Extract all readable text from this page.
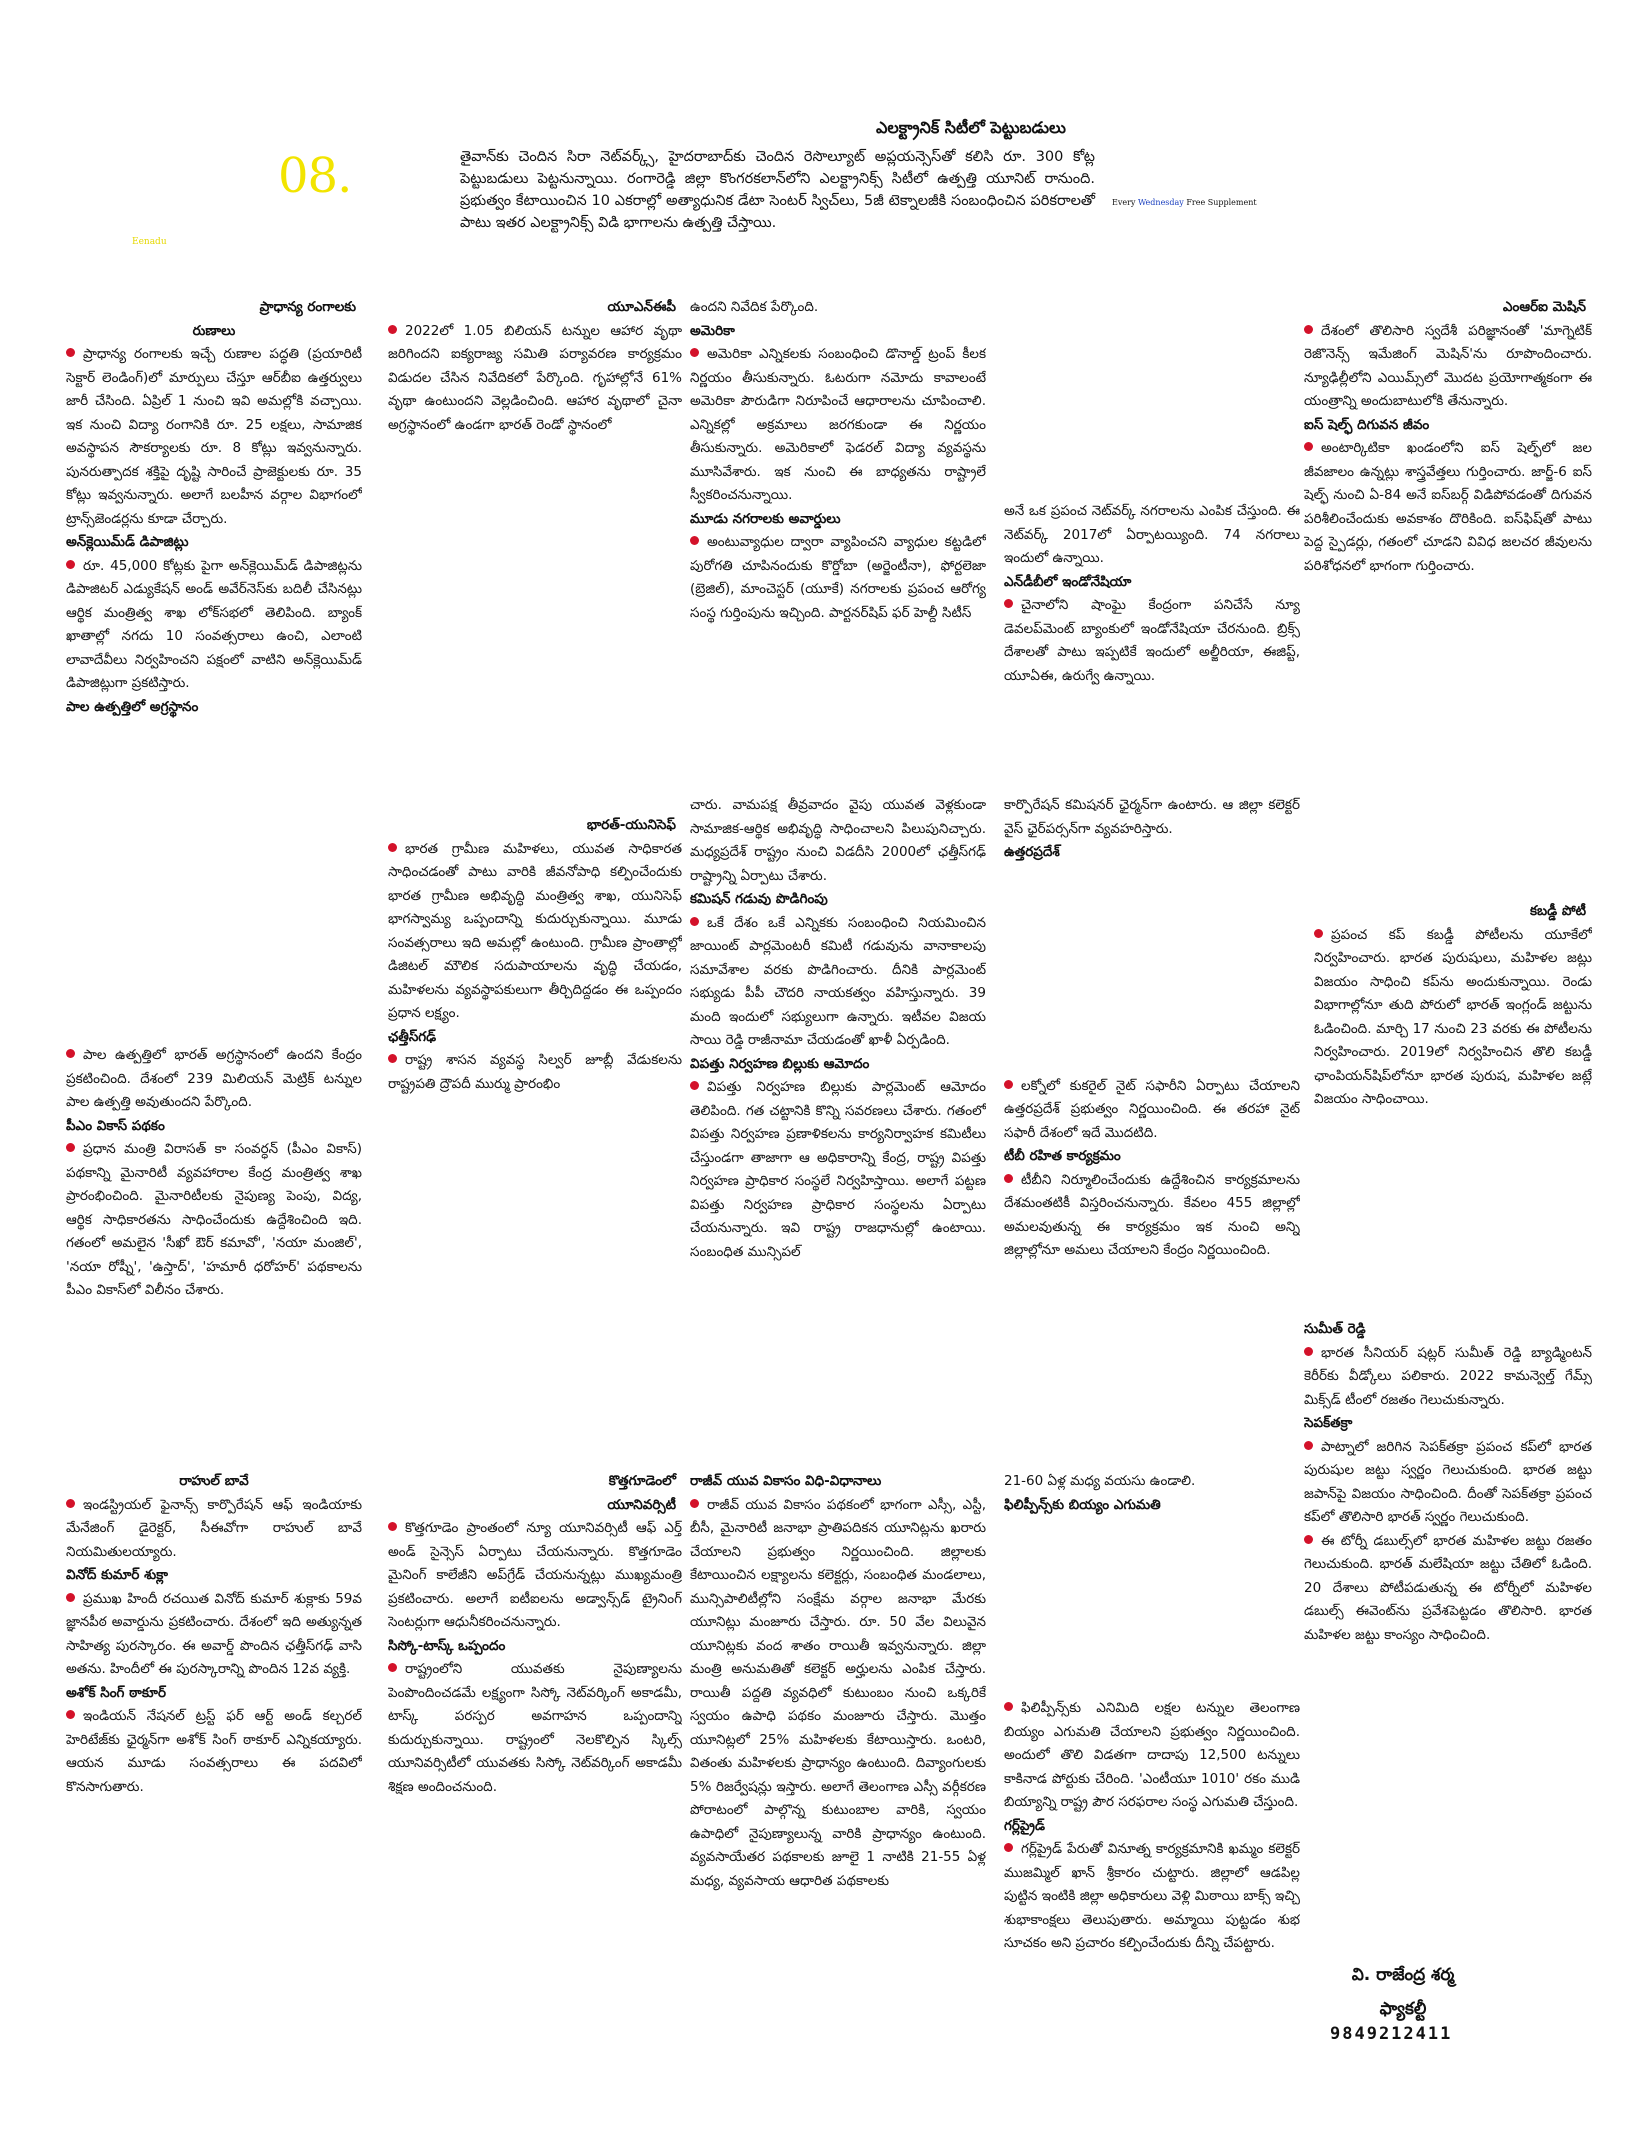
08.
Eenadu
Every Wednesday Free Supplement
ఎలక్ట్రానిక్ సిటీలో పెట్టుబడులు
తైవాన్‌కు చెందిన సిరా నెట్‌వర్క్స్, హైదరాబాద్‌కు చెందిన రెసొల్యూట్ అప్లయన్సెస్‌తో కలిసి రూ. 300 కోట్ల పెట్టుబడులు పెట్టనున్నాయి. రంగారెడ్డి జిల్లా కొంగరకలాన్‌లోని ఎలక్ట్రానిక్స్ సిటీలో ఉత్పత్తి యూనిట్ రానుంది. ప్రభుత్వం కేటాయించిన 10 ఎకరాల్లో అత్యాధునిక డేటా సెంటర్ స్విచ్‌లు, 5జీ టెక్నాలజీకి సంబంధించిన పరికరాలతో పాటు ఇతర ఎలక్ట్రానిక్స్ విడి భాగాలను ఉత్పత్తి చేస్తాయి.
ప్రాధాన్య రంగాలకు
రుణాలు
ప్రాధాన్య రంగాలకు ఇచ్చే రుణాల పద్ధతి (ప్రయారిటీ సెక్టార్ లెండింగ్)లో మార్పులు చేస్తూ ఆర్‌బీఐ ఉత్తర్వులు జారీ చేసింది. ఏప్రిల్ 1 నుంచి ఇవి అమల్లోకి వచ్చాయి. ఇక నుంచి విద్యా రంగానికి రూ. 25 లక్షలు, సామాజిక అవస్థాపన సౌకర్యాలకు రూ. 8 కోట్లు ఇవ్వనున్నారు. పునరుత్పాదక శక్తిపై దృష్టి సారించే ప్రాజెక్టులకు రూ. 35 కోట్లు ఇవ్వనున్నారు. అలాగే బలహీన వర్గాల విభాగంలో ట్రాన్స్‌జెండర్లను కూడా చేర్చారు.
అన్‌క్లెయిమ్‌డ్ డిపాజిట్లు
రూ. 45,000 కోట్లకు పైగా అన్‌క్లెయిమ్‌డ్ డిపాజిట్లను డిపాజిటర్ ఎడ్యుకేషన్ అండ్ అవేర్‌నెస్‌కు బదిలీ చేసినట్లు ఆర్థిక మంత్రిత్వ శాఖ లోక్‌సభలో తెలిపింది. బ్యాంక్ ఖాతాల్లో నగదు 10 సంవత్సరాలు ఉంచి, ఎలాంటి లావాదేవీలు నిర్వహించని పక్షంలో వాటిని అన్‌క్లెయిమ్‌డ్ డిపాజిట్లుగా ప్రకటిస్తారు.
పాల ఉత్పత్తిలో అగ్రస్థానం
పాల ఉత్పత్తిలో భారత్ అగ్రస్థానంలో ఉందని కేంద్రం ప్రకటించింది. దేశంలో 239 మిలియన్ మెట్రిక్ టన్నుల పాల ఉత్పత్తి అవుతుందని పేర్కొంది.
పీఎం వికాస్ పథకం
ప్రధాన మంత్రి విరాసత్ కా సంవర్ధన్ (పీఎం వికాస్) పథకాన్ని మైనారిటీ వ్యవహారాల కేంద్ర మంత్రిత్వ శాఖ ప్రారంభించింది. మైనారిటీలకు నైపుణ్య పెంపు, విద్య, ఆర్థిక సాధికారతను సాధించేందుకు ఉద్దేశించింది ఇది. గతంలో అమలైన 'సీఖో ఔర్ కమావో', 'నయా మంజిల్', 'నయా రోష్నీ', 'ఉస్తాద్', 'హమారీ ధరోహర్' పథకాలను పీఎం వికాస్‌లో విలీనం చేశారు.
రాహుల్ బావే
ఇండస్ట్రియల్ ఫైనాన్స్ కార్పొరేషన్ ఆఫ్ ఇండియాకు మేనేజింగ్ డైరెక్టర్, సీఈవోగా రాహుల్ బావే నియమితులయ్యారు.
వినోద్ కుమార్ శుక్లా
ప్రముఖ హిందీ రచయిత వినోద్ కుమార్ శుక్లాకు 59వ జ్ఞానపీఠ అవార్డును ప్రకటించారు. దేశంలో ఇది అత్యున్నత సాహిత్య పురస్కారం. ఈ అవార్డ్ పొందిన ఛత్తీస్‌గఢ్ వాసి అతను. హిందీలో ఈ పురస్కారాన్ని పొందిన 12వ వ్యక్తి.
అశోక్ సింగ్ ఠాకూర్
ఇండియన్ నేషనల్ ట్రస్ట్ ఫర్ ఆర్ట్ అండ్ కల్చరల్ హెరిటేజ్‌కు ఛైర్మన్‌గా అశోక్ సింగ్ ఠాకూర్ ఎన్నికయ్యారు. ఆయన మూడు సంవత్సరాలు ఈ పదవిలో కొనసాగుతారు.
యూఎన్ఈపీ
2022లో 1.05 బిలియన్ టన్నుల ఆహార వృథా జరిగిందని ఐక్యరాజ్య సమితి పర్యావరణ కార్యక్రమం విడుదల చేసిన నివేదికలో పేర్కొంది. గృహాల్లోనే 61% వృథా ఉంటుందని వెల్లడించింది. ఆహార వృథాలో చైనా అగ్రస్థానంలో ఉండగా భారత్ రెండో స్థానంలో
భారత్-యునిసెఫ్
భారత గ్రామీణ మహిళలు, యువత సాధికారత సాధించడంతో పాటు వారికి జీవనోపాధి కల్పించేందుకు భారత గ్రామీణ అభివృద్ధి మంత్రిత్వ శాఖ, యునిసెఫ్ భాగస్వామ్య ఒప్పందాన్ని కుదుర్చుకున్నాయి. మూడు సంవత్సరాలు ఇది అమల్లో ఉంటుంది. గ్రామీణ ప్రాంతాల్లో డిజిటల్ మౌలిక సదుపాయాలను వృద్ధి చేయడం, మహిళలను వ్యవస్థాపకులుగా తీర్చిదిద్దడం ఈ ఒప్పందం ప్రధాన లక్ష్యం.
ఛత్తీస్‌గఢ్
రాష్ట్ర శాసన వ్యవస్థ సిల్వర్ జూబ్లీ వేడుకలను రాష్ట్రపతి ద్రౌపదీ ముర్ము ప్రారంభిం
కొత్తగూడెంలో
యూనివర్సిటీ
కొత్తగూడెం ప్రాంతంలో న్యూ యూనివర్సిటీ ఆఫ్ ఎర్త్ అండ్ సైన్సెస్ ఏర్పాటు చేయనున్నారు. కొత్తగూడెం మైనింగ్ కాలేజీని అప్‌గ్రేడ్ చేయనున్నట్లు ముఖ్యమంత్రి ప్రకటించారు. అలాగే ఐటీఐలను అడ్వాన్స్‌డ్ ట్రైనింగ్ సెంటర్లుగా ఆధునీకరించనున్నారు.
సిస్కో-టాస్క్ ఒప్పందం
రాష్ట్రంలోని యువతకు నైపుణ్యాలను పెంపొందించడమే లక్ష్యంగా సిస్కో నెట్‌వర్కింగ్ అకాడమీ, టాస్క్ పరస్పర అవగాహన ఒప్పందాన్ని కుదుర్చుకున్నాయి. రాష్ట్రంలో నెలకొల్పిన స్కిల్స్ యూనివర్సిటీలో యువతకు సిస్కో నెట్‌వర్కింగ్ అకాడమీ శిక్షణ అందించనుంది.
ఉందని నివేదిక పేర్కొంది.
అమెరికా
అమెరికా ఎన్నికలకు సంబంధించి డొనాల్డ్ ట్రంప్ కీలక నిర్ణయం తీసుకున్నారు. ఓటరుగా నమోదు కావాలంటే అమెరికా పౌరుడిగా నిరూపించే ఆధారాలను చూపించాలి. ఎన్నికల్లో అక్రమాలు జరగకుండా ఈ నిర్ణయం తీసుకున్నారు. అమెరికాలో ఫెడరల్ విద్యా వ్యవస్థను మూసివేశారు. ఇక నుంచి ఈ బాధ్యతను రాష్ట్రాలే స్వీకరించనున్నాయి.
మూడు నగరాలకు అవార్డులు
అంటువ్యాధుల ద్వారా వ్యాపించని వ్యాధుల కట్టడిలో పురోగతి చూపినందుకు కొర్డోబా (అర్జెంటీనా), ఫోర్టలెజా (బ్రెజిల్), మాంచెస్టర్ (యూకే) నగరాలకు ప్రపంచ ఆరోగ్య సంస్థ గుర్తింపును ఇచ్చింది. పార్టనర్‌షిప్ ఫర్ హెల్దీ సిటీస్
చారు. వామపక్ష తీవ్రవాదం వైపు యువత వెళ్లకుండా సామాజిక-ఆర్థిక అభివృద్ధి సాధించాలని పిలుపునిచ్చారు. మధ్యప్రదేశ్ రాష్ట్రం నుంచి విడదీసి 2000లో ఛత్తీస్‌గఢ్ రాష్ట్రాన్ని ఏర్పాటు చేశారు.
కమిషన్ గడువు పొడిగింపు
ఒకే దేశం ఒకే ఎన్నికకు సంబంధించి నియమించిన జాయింట్ పార్లమెంటరీ కమిటీ గడువును వానాకాలపు సమావేశాల వరకు పొడిగించారు. దీనికి పార్లమెంట్ సభ్యుడు పీపీ చౌదరి నాయకత్వం వహిస్తున్నారు. 39 మంది ఇందులో సభ్యులుగా ఉన్నారు. ఇటీవల విజయ సాయి రెడ్డి రాజీనామా చేయడంతో ఖాళీ ఏర్పడింది.
విపత్తు నిర్వహణ బిల్లుకు ఆమోదం
విపత్తు నిర్వహణ బిల్లుకు పార్లమెంట్ ఆమోదం తెలిపింది. గత చట్టానికి కొన్ని సవరణలు చేశారు. గతంలో విపత్తు నిర్వహణ ప్రణాళికలను కార్యనిర్వాహక కమిటీలు చేస్తుండగా తాజాగా ఆ అధికారాన్ని కేంద్ర, రాష్ట్ర విపత్తు నిర్వహణ ప్రాధికార సంస్థలే నిర్వహిస్తాయి. అలాగే పట్టణ విపత్తు నిర్వహణ ప్రాధికార సంస్థలను ఏర్పాటు చేయనున్నారు. ఇవి రాష్ట్ర రాజధానుల్లో ఉంటాయి. సంబంధిత మున్సిపల్
రాజీవ్ యువ వికాసం విధి-విధానాలు
రాజీవ్ యువ వికాసం పథకంలో భాగంగా ఎస్సీ, ఎస్టీ, బీసీ, మైనారిటీ జనాభా ప్రాతిపదికన యూనిట్లను ఖరారు చేయాలని ప్రభుత్వం నిర్ణయించింది. జిల్లాలకు కేటాయించిన లక్ష్యాలను కలెక్టర్లు, సంబంధిత మండలాలు, మున్సిపాలిటీల్లోని సంక్షేమ వర్గాల జనాభా మేరకు యూనిట్లు మంజూరు చేస్తారు. రూ. 50 వేల విలువైన యూనిట్లకు వంద శాతం రాయితీ ఇవ్వనున్నారు. జిల్లా మంత్రి అనుమతితో కలెక్టర్ అర్హులను ఎంపిక చేస్తారు. రాయితీ పద్దతి వ్యవధిలో కుటుంబం నుంచి ఒక్కరికే స్వయం ఉపాధి పథకం మంజూరు చేస్తారు. మొత్తం యూనిట్లలో 25% మహిళలకు కేటాయిస్తారు. ఒంటరి, వితంతు మహిళలకు ప్రాధాన్యం ఉంటుంది. దివ్యాంగులకు 5% రిజర్వేషన్లు ఇస్తారు. అలాగే తెలంగాణ ఎస్సీ వర్గీకరణ పోరాటంలో పాల్గొన్న కుటుంబాల వారికి, స్వయం ఉపాధిలో నైపుణ్యాలున్న వారికి ప్రాధాన్యం ఉంటుంది. వ్యవసాయేతర పథకాలకు జూలై 1 నాటికి 21-55 ఏళ్ల మధ్య, వ్యవసాయ ఆధారిత పథకాలకు
అనే ఒక ప్రపంచ నెట్‌వర్క్ నగరాలను ఎంపిక చేస్తుంది. ఈ నెట్‌వర్క్ 2017లో ఏర్పాటయ్యింది. 74 నగరాలు ఇందులో ఉన్నాయి.
ఎన్‌డీబీలో ఇండోనేషియా
చైనాలోని షాంఘై కేంద్రంగా పనిచేసే న్యూ డెవలప్‌మెంట్ బ్యాంకులో ఇండోనేషియా చేరనుంది. బ్రిక్స్ దేశాలతో పాటు ఇప్పటికే ఇందులో అల్జీరియా, ఈజిప్ట్, యూఏఈ, ఉరుగ్వే ఉన్నాయి.
కార్పొరేషన్ కమిషనర్ ఛైర్మన్‌గా ఉంటారు. ఆ జిల్లా కలెక్టర్ వైస్ ఛైర్‌పర్సన్‌గా వ్యవహరిస్తారు.
ఉత్తరప్రదేశ్
లక్నోలో కుకరైల్ నైట్ సఫారీని ఏర్పాటు చేయాలని ఉత్తరప్రదేశ్ ప్రభుత్వం నిర్ణయించింది. ఈ తరహా నైట్ సఫారీ దేశంలో ఇదే మొదటిది.
టీబీ రహిత కార్యక్రమం
టీబీని నిర్మూలించేందుకు ఉద్దేశించిన కార్యక్రమాలను దేశమంతటికీ విస్తరించనున్నారు. కేవలం 455 జిల్లాల్లో అమలవుతున్న ఈ కార్యక్రమం ఇక నుంచి అన్ని జిల్లాల్లోనూ అమలు చేయాలని కేంద్రం నిర్ణయించింది.
21-60 ఏళ్ల మధ్య వయసు ఉండాలి.
ఫిలిప్పీన్స్‌కు బియ్యం ఎగుమతి
ఫిలిప్పీన్స్‌కు ఎనిమిది లక్షల టన్నుల తెలంగాణ బియ్యం ఎగుమతి చేయాలని ప్రభుత్వం నిర్ణయించింది. అందులో తొలి విడతగా దాదాపు 12,500 టన్నులు కాకినాడ పోర్టుకు చేరింది. 'ఎంటీయూ 1010' రకం ముడి బియ్యాన్ని రాష్ట్ర పౌర సరఫరాల సంస్థ ఎగుమతి చేస్తుంది.
గర్ల్‌ప్రైడ్
గర్ల్‌ప్రైడ్ పేరుతో వినూత్న కార్యక్రమానికి ఖమ్మం కలెక్టర్ ముజమ్మిల్ ఖాన్ శ్రీకారం చుట్టారు. జిల్లాలో ఆడపిల్ల పుట్టిన ఇంటికి జిల్లా అధికారులు వెళ్లి మిఠాయి బాక్స్ ఇచ్చి శుభాకాంక్షలు తెలుపుతారు. అమ్మాయి పుట్టడం శుభ సూచకం అని ప్రచారం కల్పించేందుకు దీన్ని చేపట్టారు.
ఎంఆర్ఐ మెషిన్
దేశంలో తొలిసారి స్వదేశీ పరిజ్ఞానంతో 'మాగ్నెటిక్ రెజొనెన్స్ ఇమేజింగ్ మెషిన్'ను రూపొందించారు. న్యూఢిల్లీలోని ఎయిమ్స్‌లో మొదట ప్రయోగాత్మకంగా ఈ యంత్రాన్ని అందుబాటులోకి తేనున్నారు.
ఐస్ షెల్ఫ్ దిగువన జీవం
అంటార్కిటికా ఖండంలోని ఐస్ షెల్ఫ్‌లో జల జీవజాలం ఉన్నట్లు శాస్త్రవేత్తలు గుర్తించారు. జార్జ్-6 ఐస్ షెల్ఫ్ నుంచి ఏ-84 అనే ఐస్‌బర్గ్ విడిపోవడంతో దిగువన పరిశీలించేందుకు అవకాశం దొరికింది. ఐస్‌ఫిష్‌తో పాటు పెద్ద స్పైడర్లు, గతంలో చూడని వివిధ జలచర జీవులను పరిశోధనలో భాగంగా గుర్తించారు.
కబడ్డీ పోటీ
ప్రపంచ కప్ కబడ్డీ పోటీలను యూకేలో నిర్వహించారు. భారత పురుషులు, మహిళల జట్లు విజయం సాధించి కప్‌ను అందుకున్నాయి. రెండు విభాగాల్లోనూ తుది పోరులో భారత్ ఇంగ్లండ్ జట్టును ఓడించింది. మార్చి 17 నుంచి 23 వరకు ఈ పోటీలను నిర్వహించారు. 2019లో నిర్వహించిన తొలి కబడ్డీ ఛాంపియన్‌షిప్‌లోనూ భారత పురుష, మహిళల జట్లే విజయం సాధించాయి.
సుమీత్ రెడ్డి
భారత సీనియర్ షట్లర్ సుమీత్ రెడ్డి బ్యాడ్మింటన్ కెరీర్‌కు వీడ్కోలు పలికారు. 2022 కామన్వెల్త్ గేమ్స్ మిక్స్‌డ్ టీంలో రజతం గెలుచుకున్నారు.
సెపక్‌తక్రా
పాట్నాలో జరిగిన సెపక్‌తక్రా ప్రపంచ కప్‌లో భారత పురుషుల జట్టు స్వర్ణం గెలుచుకుంది. భారత జట్టు జపాన్‌పై విజయం సాధించింది. దీంతో సెపక్‌తక్రా ప్రపంచ కప్‌లో తొలిసారి భారత్ స్వర్ణం గెలుచుకుంది.
ఈ టోర్నీ డబుల్స్‌లో భారత మహిళల జట్టు రజతం గెలుచుకుంది. భారత్ మలేషియా జట్టు చేతిలో ఓడింది. 20 దేశాలు పోటీపడుతున్న ఈ టోర్నీలో మహిళల డబుల్స్ ఈవెంట్‌ను ప్రవేశపెట్టడం తొలిసారి. భారత మహిళల జట్టు కాంస్యం సాధించింది.
వి. రాజేంద్ర శర్మ
ఫ్యాకల్టీ
9849212411
